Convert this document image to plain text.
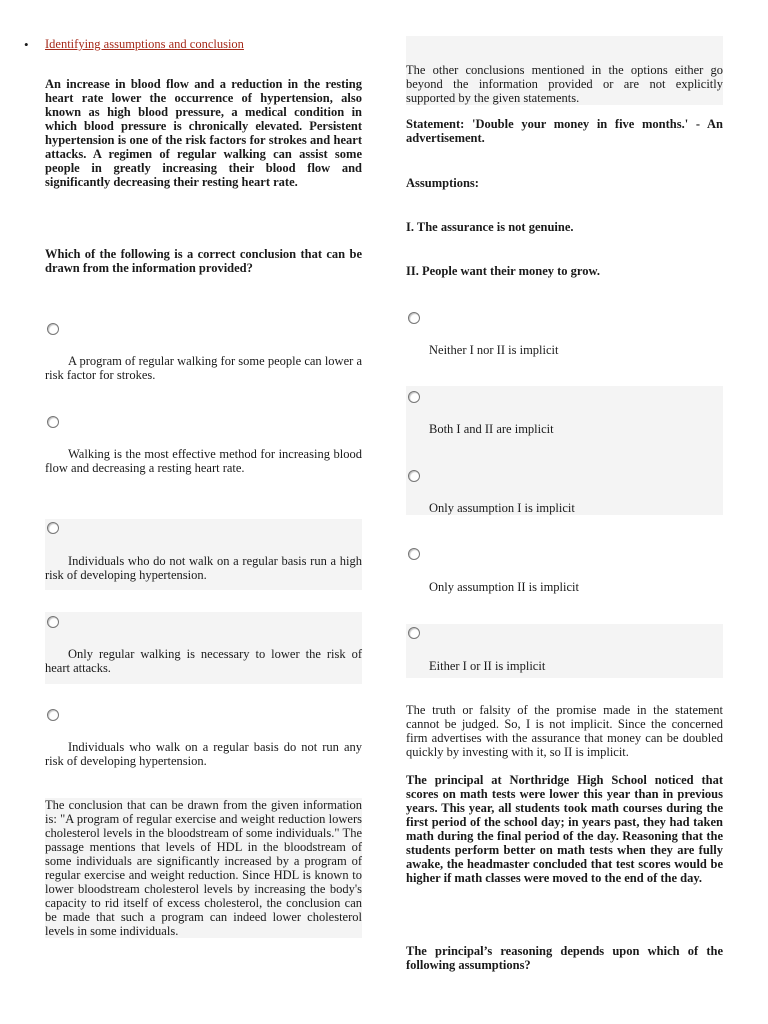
• Identifying assumptions and conclusion
An increase in blood flow and a reduction in the resting heart rate lower the occurrence of hypertension, also known as high blood pressure, a medical condition in which blood pressure is chronically elevated. Persistent hypertension is one of the risk factors for strokes and heart attacks. A regimen of regular walking can assist some people in greatly increasing their blood flow and significantly decreasing their resting heart rate.
Which of the following is a correct conclusion that can be drawn from the information provided?
A program of regular walking for some people can lower a risk factor for strokes.
Walking is the most effective method for increasing blood flow and decreasing a resting heart rate.
Individuals who do not walk on a regular basis run a high risk of developing hypertension.
Only regular walking is necessary to lower the risk of heart attacks.
Individuals who walk on a regular basis do not run any risk of developing hypertension.
The conclusion that can be drawn from the given information is: "A program of regular exercise and weight reduction lowers cholesterol levels in the bloodstream of some individuals." The passage mentions that levels of HDL in the bloodstream of some individuals are significantly increased by a program of regular exercise and weight reduction. Since HDL is known to lower bloodstream cholesterol levels by increasing the body's capacity to rid itself of excess cholesterol, the conclusion can be made that such a program can indeed lower cholesterol levels in some individuals.
The other conclusions mentioned in the options either go beyond the information provided or are not explicitly supported by the given statements.
Statement: 'Double your money in five months.' - An advertisement.
Assumptions:
I. The assurance is not genuine.
II. People want their money to grow.
Neither I nor II is implicit
Both I and II are implicit
Only assumption I is implicit
Only assumption II is implicit
Either I or II is implicit
The truth or falsity of the promise made in the statement cannot be judged. So, I is not implicit. Since the concerned firm advertises with the assurance that money can be doubled quickly by investing with it, so II is implicit.
The principal at Northridge High School noticed that scores on math tests were lower this year than in previous years. This year, all students took math courses during the first period of the school day; in years past, they had taken math during the final period of the day. Reasoning that the students perform better on math tests when they are fully awake, the headmaster concluded that test scores would be higher if math classes were moved to the end of the day.
The principal’s reasoning depends upon which of the following assumptions?
